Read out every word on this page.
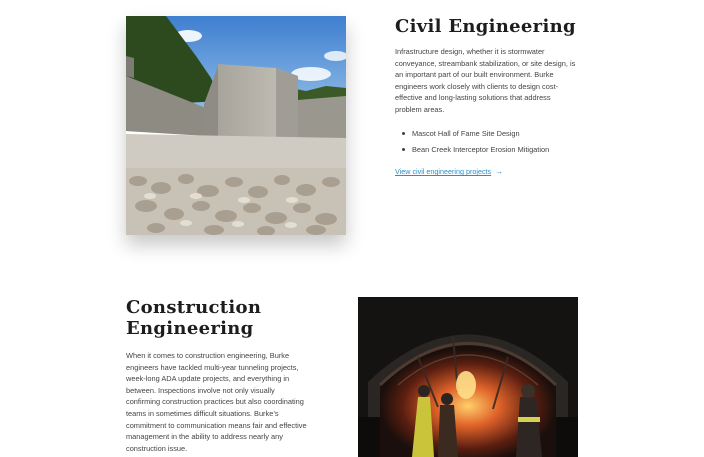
Civil Engineering

Infrastructure design, whether it is stormwater conveyance, streambank stabilization, or site design, is an important part of our built environment. Burke engineers work closely with clients to design cost-effective and long-lasting solutions that address problem areas.

Mascot Hall of Fame Site Design
Bean Creek Interceptor Erosion Mitigation
View civil engineering projects →
Construction
Engineering

When it comes to construction engineering, Burke engineers have tackled multi-year tunneling projects, week-long ADA update projects, and everything in between. Inspections involve not only visually confirming construction practices but also coordinating teams in sometimes difficult situations. Burke’s commitment to communication means fair and effective management in the ability to address nearly any construction issue.
